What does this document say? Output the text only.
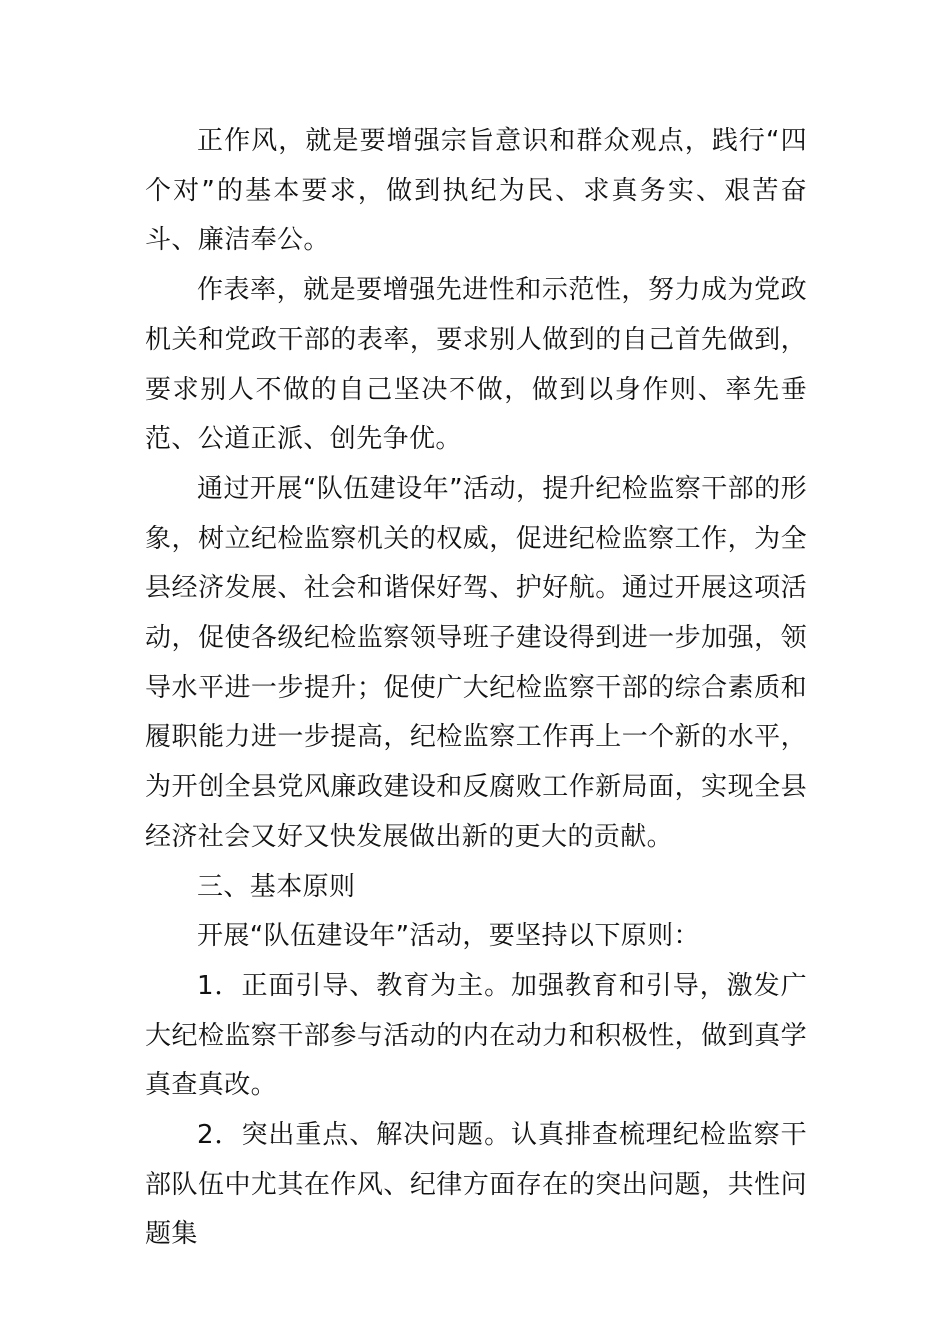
正作风，就是要增强宗旨意识和群众观点，践行“四个对”的基本要求，做到执纪为民、求真务实、艰苦奋斗、廉洁奉公。

作表率，就是要增强先进性和示范性，努力成为党政机关和党政干部的表率，要求别人做到的自己首先做到，要求别人不做的自己坚决不做，做到以身作则、率先垂范、公道正派、创先争优。

通过开展“队伍建设年”活动，提升纪检监察干部的形象，树立纪检监察机关的权威，促进纪检监察工作，为全县经济发展、社会和谐保好驾、护好航。通过开展这项活动，促使各级纪检监察领导班子建设得到进一步加强，领导水平进一步提升；促使广大纪检监察干部的综合素质和履职能力进一步提高，纪检监察工作再上一个新的水平，为开创全县党风廉政建设和反腐败工作新局面，实现全县经济社会又好又快发展做出新的更大的贡献。

三、基本原则

开展“队伍建设年”活动，要坚持以下原则：

1．正面引导、教育为主。加强教育和引导，激发广大纪检监察干部参与活动的内在动力和积极性，做到真学真查真改。

2．突出重点、解决问题。认真排查梳理纪检监察干部队伍中尤其在作风、纪律方面存在的突出问题，共性问题集
